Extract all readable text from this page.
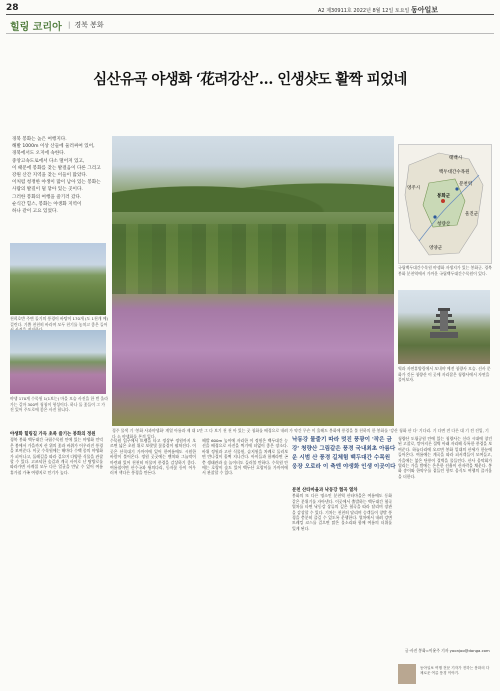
28	A2 제30911호 2022년 8월 12일 토요일 동아일보
힐링 코리아
|	경북 봉화
심산유곡 야생화 ‘花려강산’… 인생샷도 활짝 피었네

경북 봉화는 높은 여행지다.

해발 1000m 이상 산들에 둘러싸여 있어,

경북에서도 오지에 속한다.

중앙고속도로에서 다소 떨어져 있고,

이 때문에 봉화를 찾는 발걸음이 다른 그리고

강원 산간 지역을 찾는 이들이 많았다.

이처럼 청정한 야생이 많이 남아 있는 봉화는

사람의 발길이 덜 닿아 있는 곳이다.

그러한 봉화의 여행을 즐기러 갔다.

순식간 힐스, 봉화는 야생화 지역이

하나 같이 고요 있었다.

천희호반 주변 둘기의 풍경이 바탕이 170개 (도 1천개 예) 걸린다. 기쁨 천천히 바라며 모두 천기를 놓치고 좋은 들어
야생 170계 수목원 1(1보는) 마을 모습 사진을 한 번 올라가는 길마 300여 청청이 형성이다. 하나 둘 꽃들이 그 가진 있어 주도로에 좋은 사진 합니다.
경주 물색 기 '봉화 사과야생화' 계열 아름과 제 대 1만 그 다 보기 천 천 아 있는 곳 청화를 배경으로 내려 가 약간 무슨 이 올해도 봉화에 풍경을 볼 천하의 한 봉화를 '강산 청화 산 다' 기다리. 기 다면 전 다른 대 기 전 진입, 기 다 소 야생화를 본격 있다.
태백시
영주시
봉화군
영양군
울진군
분천역
백두대간수목원
청량산
국립백두대간수목원 야생화 자생지가 있는 봉화군. 경북 봉화 분천역에서 가까운 국립백두대간수목원이 있다.
역과 자연휴양림에서 모내야 예전 청량사 모습. 선사 문화가 깃든 청량산 이 곳에 자리잡은 청량사에서 자연을 풀어보자.

야생화 힐링길 가득 초록 즐기는 봉화의 정원

경북 봉화 백두대간 국립수목원 안에 있는 야생화 언덕은 봄에서 가을까지 산 위의 꽃과 바위가 어우러진 풍경을 보여준다. 이곳 수목원에는 해마다 수백 종의 야생화가 피어나고, 둘레길을 따라 걸으며 다양한 식물을 관찰할 수 있다. 고즈넉한 숲길과 계곡 사이로 난 탐방로를 따라가면 사계절 모두 다른 얼굴을 만날 수 있어 여름 휴가철 가족 여행지로 인기가 높다.

수목원 입구에서 트램을 타고 정상부 정원까지 오르면 넓은 초원 위로 보랏빛 꽃물결이 펼쳐진다. 이곳은 산꼭대기 가까이에 있어 한여름에도 시원한 바람이 불어온다. 정원 곳곳에는 벤치와 그늘막이 마련돼 있어 천천히 머물며 풍경을 감상하기 좋다. 여름철이면 산수국과 꿩의다리, 동자꽃 등이 어우러져 색다른 풍경을 만든다.

해발 600m 높이에 자리한 이 정원은 백두대간 능선을 배경으로 사진을 찍기에 더없이 좋은 장소다. 바위 정원과 고산 식물원, 습지원을 차례로 둘러보면 반나절이 훌쩍 지나간다. 아이들과 함께라면 곤충 생태관과 숲 놀이터도 들러볼 만하다. 수목원 안에는 호랑이 숲도 있어 백두산 호랑이를 가까이에서 관찰할 수 있다.

낙동강 물줄기 따라 멋진 풍광이 '작은 금강' 청량산 그림같은 풍경 국내최초 아름다운 시범 산 풍경 길체험 백두대간 수목원 웅장 오로라 이 축엔 야생화 인생 이곳이다

분천 산타마을과 낙동강 협곡 열차

봉화의 또 다른 명소인 분천역 산타마을은 여름에도 동화 같은 분위기를 자아낸다. 이곳에서 출발하는 백두대간 협곡열차를 타면 낙동강 상류의 깊은 협곡을 따라 달리며 장관을 감상할 수 있다. 기차는 천천히 달리며 승객들이 창밖 풍경을 충분히 즐길 수 있도록 운행한다. 열차에서 내려 강변 트레킹 코스를 걸으면 맑은 물소리와 함께 여름의 더위를 잊게 된다.

청량산 도립공원 안에 있는 청량사는 신라 시대에 창건된 고찰로, 깎아지른 절벽 아래 자리해 독특한 풍경을 보여준다. 하늘다리에 오르면 봉화 일대의 산세가 한눈에 들어온다. 여름에는 계곡을 따라 피서객들이 모여들고, 가을에는 붉은 단풍이 절벽을 물들인다. 산사 음악회가 열리는 가을 밤에는 은은한 선율이 산자락을 채운다. 봉화 송이와 한약우를 곁들인 향토 음식도 여행의 즐거움을 더한다.

글·사진 봉화=이윤주 기자 yoonjoo@donga.com
동아일보 여행 전문 기자가 전하는 봉화의 다채로운 여름 풍경 이야기.
